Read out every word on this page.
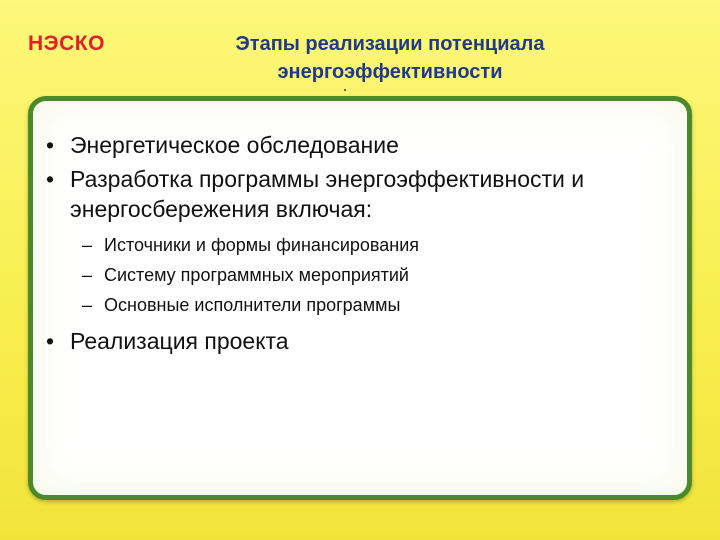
НЭСКО	Этапы реализации потенциала
энергоэффективности
• Энергетическое обследование
• Разработка программы энергоэффективности и энергосбережения включая:
– Источники и формы финансирования
– Систему программных мероприятий
– Основные исполнители программы
• Реализация проекта
